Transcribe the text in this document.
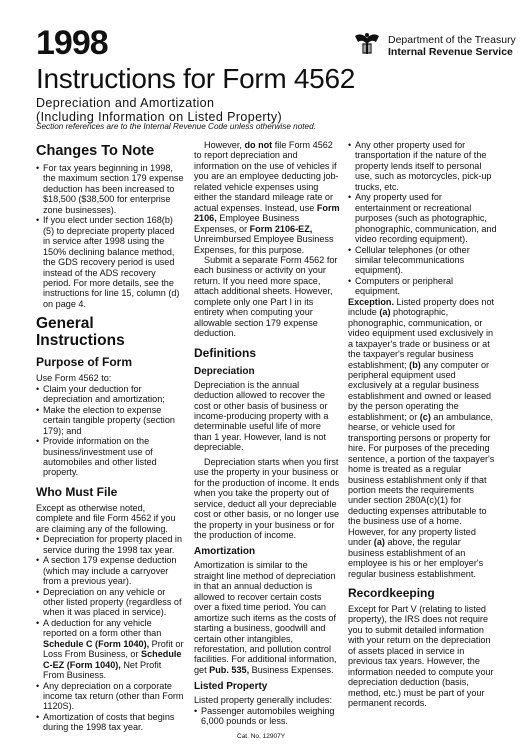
1998	Department of the Treasury
Internal Revenue Service
Instructions for Form 4562
Depreciation and Amortization
(Including Information on Listed Property)
Section references are to the Internal Revenue Code unless otherwise noted.
Changes To Note

• For tax years beginning in 1998, the maximum section 179 expense deduction has been increased to $18,500 ($38,500 for enterprise zone businesses).

• If you elect under section 168(b)(5) to depreciate property placed in service after 1998 using the 150% declining balance method, the GDS recovery period is used instead of the ADS recovery period. For more details, see the instructions for line 15, column (d) on page 4.

General Instructions
Purpose of Form

Use Form 4562 to:

• Claim your deduction for depreciation and amortization;

• Make the election to expense certain tangible property (section 179); and

• Provide information on the business/investment use of automobiles and other listed property.

Who Must File

Except as otherwise noted, complete and file Form 4562 if you are claiming any of the following.

• Depreciation for property placed in service during the 1998 tax year.

• A section 179 expense deduction (which may include a carryover from a previous year).

• Depreciation on any vehicle or other listed property (regardless of when it was placed in service).

• A deduction for any vehicle reported on a form other than Schedule C (Form 1040), Profit or Loss From Business, or Schedule C-EZ (Form 1040), Net Profit From Business.

• Any depreciation on a corporate income tax return (other than Form 1120S).

• Amortization of costs that begins during the 1998 tax year.

However, do not file Form 4562 to report depreciation and information on the use of vehicles if you are an employee deducting job-related vehicle expenses using either the standard mileage rate or actual expenses. Instead, use Form 2106, Employee Business Expenses, or Form 2106-EZ, Unreimbursed Employee Business Expenses, for this purpose.

Submit a separate Form 4562 for each business or activity on your return. If you need more space, attach additional sheets. However, complete only one Part I in its entirety when computing your allowable section 179 expense deduction.

Definitions
Depreciation

Depreciation is the annual deduction allowed to recover the cost or other basis of business or income-producing property with a determinable useful life of more than 1 year. However, land is not depreciable.

Depreciation starts when you first use the property in your business or for the production of income. It ends when you take the property out of service, deduct all your depreciable cost or other basis, or no longer use the property in your business or for the production of income.

Amortization

Amortization is similar to the straight line method of depreciation in that an annual deduction is allowed to recover certain costs over a fixed time period. You can amortize such items as the costs of starting a business, goodwill and certain other intangibles, reforestation, and pollution control facilities. For additional information, get Pub. 535, Business Expenses.

Listed Property

Listed property generally includes:

• Passenger automobiles weighing 6,000 pounds or less.

• Any other property used for transportation if the nature of the property lends itself to personal use, such as motorcycles, pick-up trucks, etc.

• Any property used for entertainment or recreational purposes (such as photographic, phonographic, communication, and video recording equipment).

• Cellular telephones (or other similar telecommunications equipment).

• Computers or peripheral equipment.

Exception. Listed property does not include (a) photographic, phonographic, communication, or video equipment used exclusively in a taxpayer's trade or business or at the taxpayer's regular business establishment; (b) any computer or peripheral equipment used exclusively at a regular business establishment and owned or leased by the person operating the establishment; or (c) an ambulance, hearse, or vehicle used for transporting persons or property for hire. For purposes of the preceding sentence, a portion of the taxpayer's home is treated as a regular business establishment only if that portion meets the requirements under section 280A(c)(1) for deducting expenses attributable to the business use of a home. However, for any property listed under (a) above, the regular business establishment of an employee is his or her employer's regular business establishment.

Recordkeeping

Except for Part V (relating to listed property), the IRS does not require you to submit detailed information with your return on the depreciation of assets placed in service in previous tax years. However, the information needed to compute your depreciation deduction (basis, method, etc.) must be part of your permanent records.

Cat. No. 12907Y
